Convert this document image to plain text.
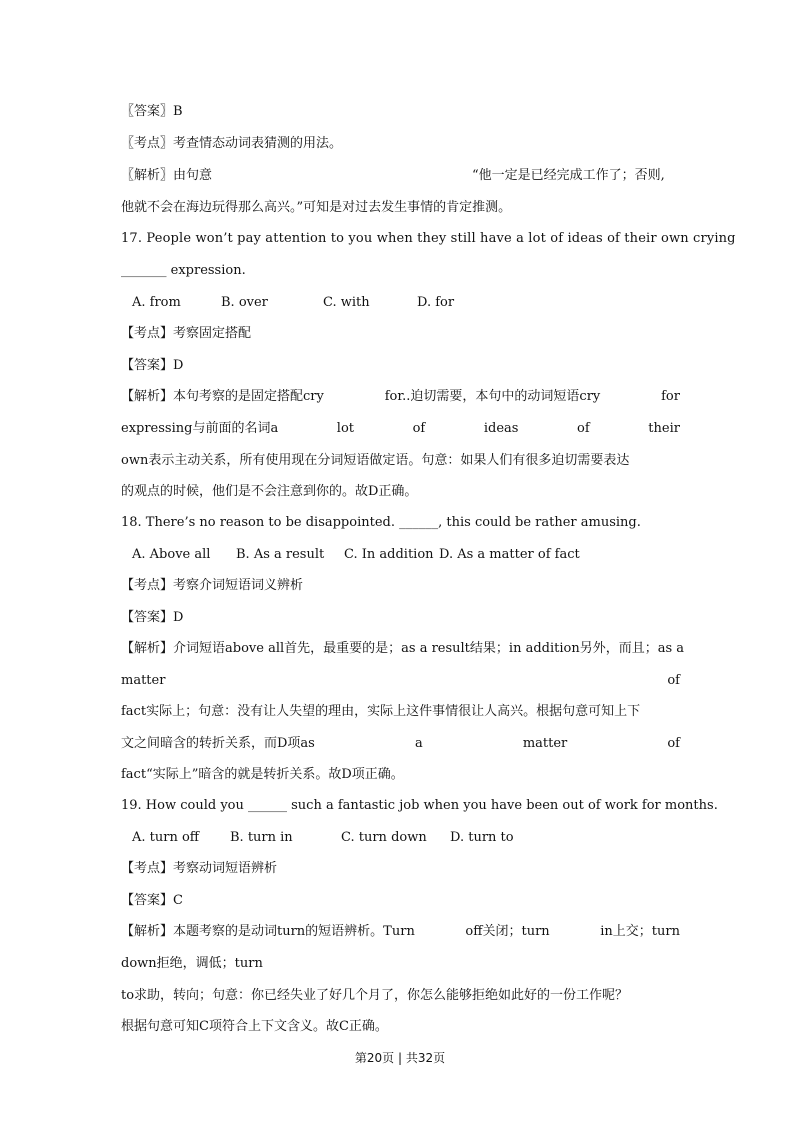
〖答案〗B
〖考点〗考查情态动词表猜测的用法。
〖解析〗由句意	“他一定是已经完成工作了；否则,
他就不会在海边玩得那么高兴。”可知是对过去发生事情的肯定推测。
17. People won’t pay attention to you when they still have a lot of ideas of their own crying
_______ expression.
A. from	B. over	C. with	D. for
【考点】考察固定搭配
【答案】D
【解析】本句考察的是固定搭配cry	for..迫切需要，本句中的动词短语cry	for
expressing与前面的名词a	lot	of	ideas	of	their
own表示主动关系，所有使用现在分词短语做定语。句意：如果人们有很多迫切需要表达
的观点的时候，他们是不会注意到你的。故D正确。
18. There’s no reason to be disappointed. ______, this could be rather amusing.
A. Above all B. As a result C. In addition D. As a matter of fact
【考点】考察介词短语词义辨析
【答案】D
【解析】介词短语above all首先，最重要的是；as a result结果；in addition另外，而且；as a
matter	of
fact实际上；句意：没有让人失望的理由，实际上这件事情很让人高兴。根据句意可知上下
文之间暗含的转折关系，而D项as	a	matter	of
fact“实际上”暗含的就是转折关系。故D项正确。
19. How could you ______ such a fantastic job when you have been out of work for months.
A. turn off B. turn in	C. turn down D. turn to
【考点】考察动词短语辨析
【答案】C
【解析】本题考察的是动词turn的短语辨析。Turn	off关闭；turn	in上交；turn
down拒绝，调低；turn
to求助，转向；句意：你已经失业了好几个月了，你怎么能够拒绝如此好的一份工作呢？
根据句意可知C项符合上下文含义。故C正确。
第20页 | 共32页
